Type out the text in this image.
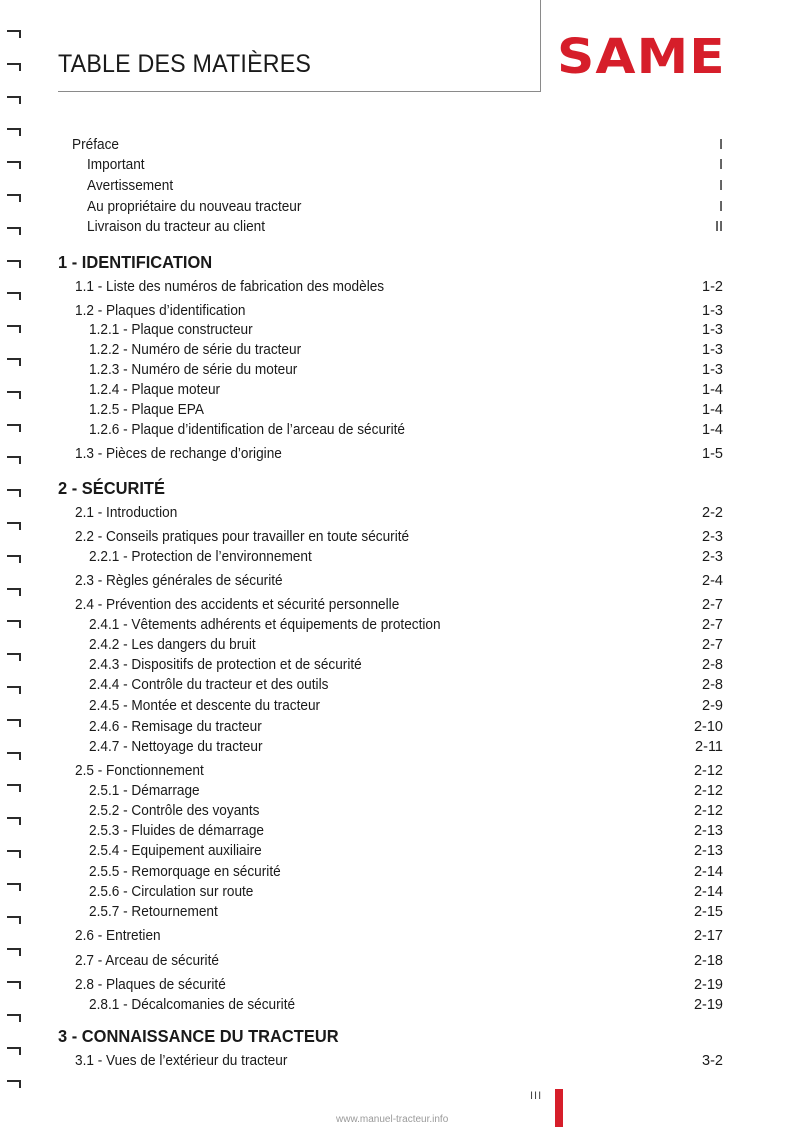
TABLE DES MATIÈRES	SAME
Préface	I
Important	I
Avertissement	I
Au propriétaire du nouveau tracteur	I
Livraison du tracteur au client	II
1 - IDENTIFICATION
1.1 - Liste des numéros de fabrication des modèles	1-2
1.2 - Plaques d’identification	1-3
1.2.1 - Plaque constructeur	1-3
1.2.2 - Numéro de série du tracteur	1-3
1.2.3 - Numéro de série du moteur	1-3
1.2.4 - Plaque moteur	1-4
1.2.5 - Plaque EPA	1-4
1.2.6 - Plaque d’identification de l’arceau de sécurité	1-4
1.3 - Pièces de rechange d’origine	1-5
2 - SÉCURITÉ
2.1 - Introduction	2-2
2.2 - Conseils pratiques pour travailler en toute sécurité	2-3
2.2.1 - Protection de l’environnement	2-3
2.3 - Règles générales de sécurité	2-4
2.4 - Prévention des accidents et sécurité personnelle	2-7
2.4.1 - Vêtements adhérents et équipements de protection	2-7
2.4.2 - Les dangers du bruit	2-7
2.4.3 - Dispositifs de protection et de sécurité	2-8
2.4.4 - Contrôle du tracteur et des outils	2-8
2.4.5 - Montée et descente du tracteur	2-9
2.4.6 - Remisage du tracteur	2-10
2.4.7 - Nettoyage du tracteur	2-11
2.5 - Fonctionnement	2-12
2.5.1 - Démarrage	2-12
2.5.2 - Contrôle des voyants	2-12
2.5.3 - Fluides de démarrage	2-13
2.5.4 - Equipement auxiliaire	2-13
2.5.5 - Remorquage en sécurité	2-14
2.5.6 - Circulation sur route	2-14
2.5.7 - Retournement	2-15
2.6 - Entretien	2-17
2.7 - Arceau de sécurité	2-18
2.8 - Plaques de sécurité	2-19
2.8.1 - Décalcomanies de sécurité	2-19
3 - CONNAISSANCE DU TRACTEUR
3.1 - Vues de l’extérieur du tracteur	3-2
III
www.manuel-tracteur.info
